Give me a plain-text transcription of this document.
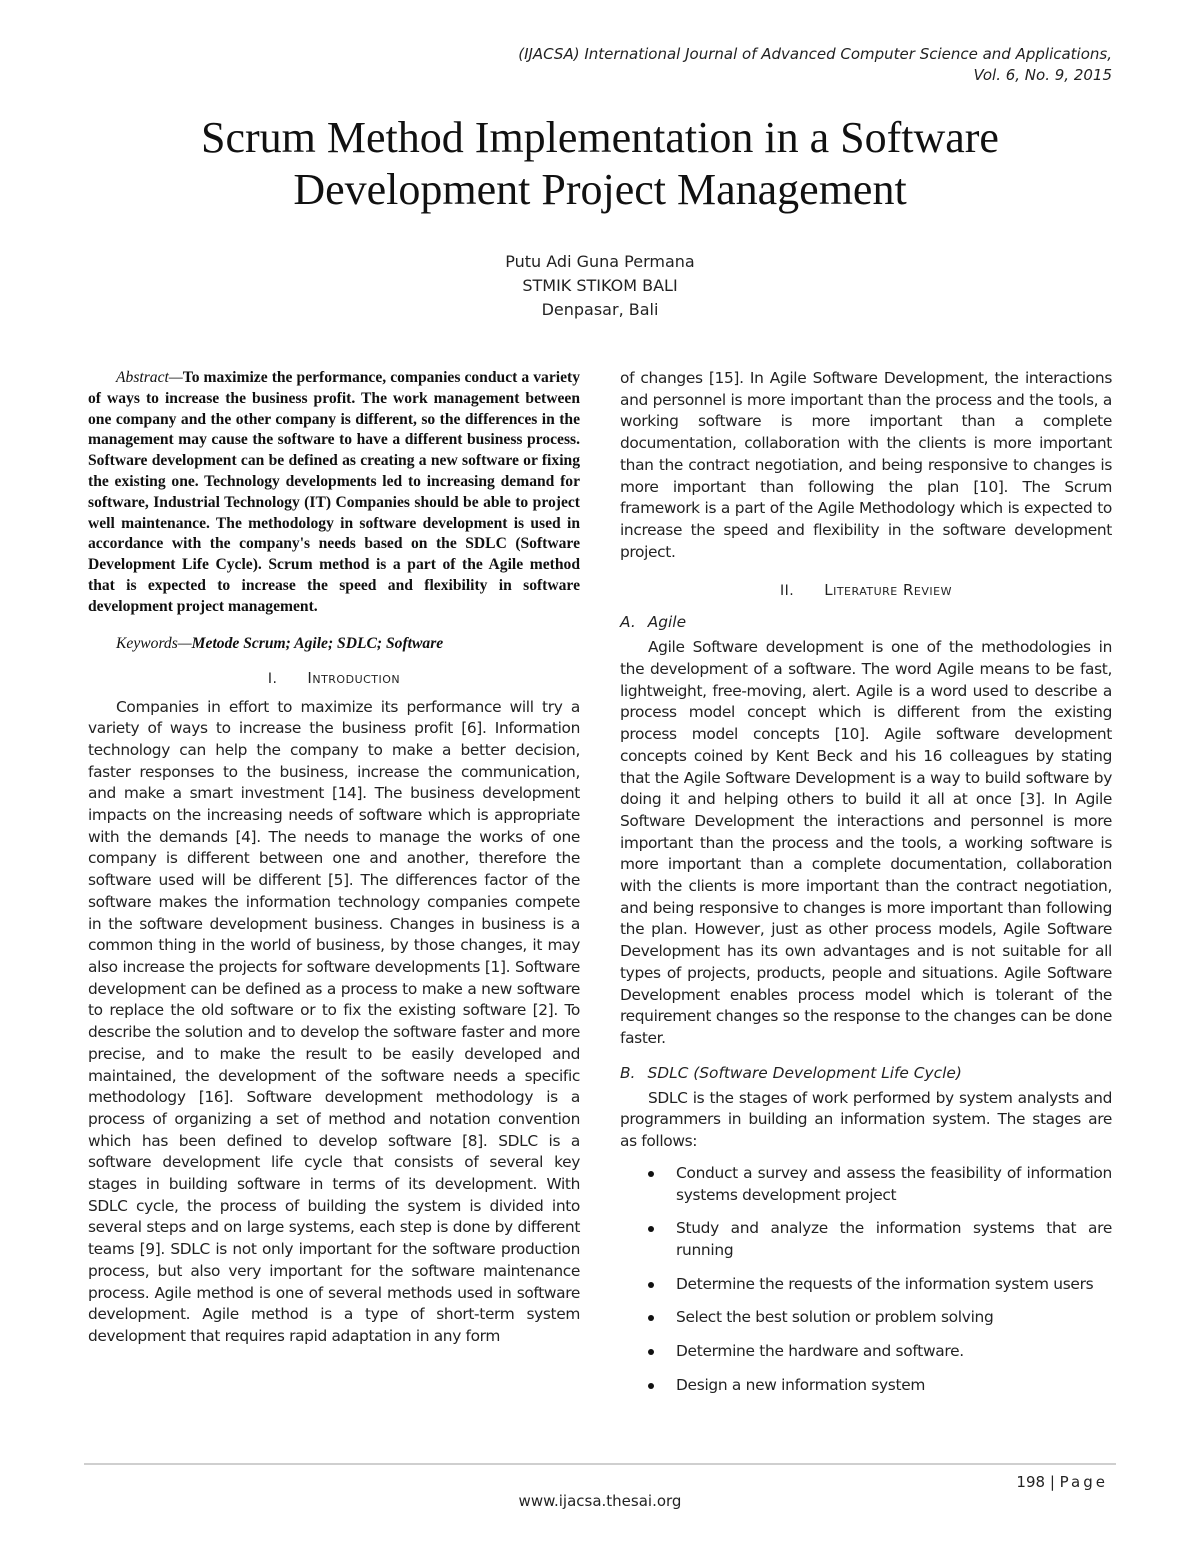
(IJACSA) International Journal of Advanced Computer Science and Applications,
Vol. 6, No. 9, 2015
Scrum Method Implementation in a Software
Development Project Management
Putu Adi Guna Permana
STMIK STIKOM BALI
Denpasar, Bali

Abstract—To maximize the performance, companies conduct a variety of ways to increase the business profit. The work management between one company and the other company is different, so the differences in the management may cause the software to have a different business process. Software development can be defined as creating a new software or fixing the existing one. Technology developments led to increasing demand for software, Industrial Technology (IT) Companies should be able to project well maintenance. The methodology in software development is used in accordance with the company's needs based on the SDLC (Software Development Life Cycle). Scrum method is a part of the Agile method that is expected to increase the speed and flexibility in software development project management.

Keywords—Metode Scrum; Agile; SDLC; Software

I. Introduction

Companies in effort to maximize its performance will try a variety of ways to increase the business profit [6]. Information technology can help the company to make a better decision, faster responses to the business, increase the communication, and make a smart investment [14]. The business development impacts on the increasing needs of software which is appropriate with the demands [4]. The needs to manage the works of one company is different between one and another, therefore the software used will be different [5]. The differences factor of the software makes the information technology companies compete in the software development business. Changes in business is a common thing in the world of business, by those changes, it may also increase the projects for software developments [1]. Software development can be defined as a process to make a new software to replace the old software or to fix the existing software [2]. To describe the solution and to develop the software faster and more precise, and to make the result to be easily developed and maintained, the development of the software needs a specific methodology [16]. Software development methodology is a process of organizing a set of method and notation convention which has been defined to develop software [8]. SDLC is a software development life cycle that consists of several key stages in building software in terms of its development. With SDLC cycle, the process of building the system is divided into several steps and on large systems, each step is done by different teams [9]. SDLC is not only important for the software production process, but also very important for the software maintenance process. Agile method is one of several methods used in software development. Agile method is a type of short-term system development that requires rapid adaptation in any form

of changes [15]. In Agile Software Development, the interactions and personnel is more important than the process and the tools, a working software is more important than a complete documentation, collaboration with the clients is more important than the contract negotiation, and being responsive to changes is more important than following the plan [10]. The Scrum framework is a part of the Agile Methodology which is expected to increase the speed and flexibility in the software development project.

II. Literature Review
A. Agile

Agile Software development is one of the methodologies in the development of a software. The word Agile means to be fast, lightweight, free-moving, alert. Agile is a word used to describe a process model concept which is different from the existing process model concepts [10]. Agile software development concepts coined by Kent Beck and his 16 colleagues by stating that the Agile Software Development is a way to build software by doing it and helping others to build it all at once [3]. In Agile Software Development the interactions and personnel is more important than the process and the tools, a working software is more important than a complete documentation, collaboration with the clients is more important than the contract negotiation, and being responsive to changes is more important than following the plan. However, just as other process models, Agile Software Development has its own advantages and is not suitable for all types of projects, products, people and situations. Agile Software Development enables process model which is tolerant of the requirement changes so the response to the changes can be done faster.

B. SDLC (Software Development Life Cycle)

SDLC is the stages of work performed by system analysts and programmers in building an information system. The stages are as follows:

Conduct a survey and assess the feasibility of information systems development project
Study and analyze the information systems that are running
Determine the requests of the information system users
Select the best solution or problem solving
Determine the hardware and software.
Design a new information system
198 | Page
www.ijacsa.thesai.org
